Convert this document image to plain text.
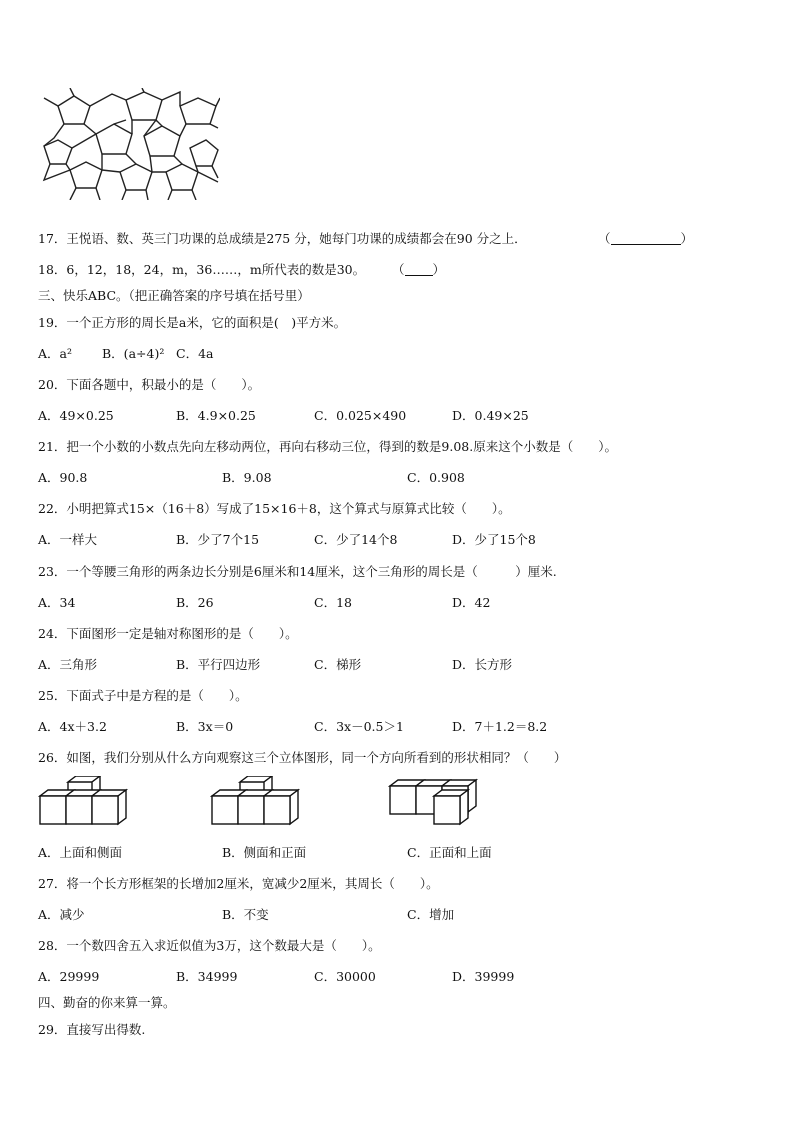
17．王悦语、数、英三门功课的总成绩是275 分，她每门功课的成绩都会在90 分之上．	（	）
18．6，12，18，24，m，36……，m所代表的数是30。 （ ）
三、快乐ABC。（把正确答案的序号填在括号里）
19．一个正方形的周长是a米，它的面积是(　)平方米。
A．a² B．(a÷4)² C．4a
20．下面各题中，积最小的是（　　）。
A．49×0.25	B．4.9×0.25	C．0.025×490	D．0.49×25
21．把一个小数的小数点先向左移动两位，再向右移动三位，得到的数是9.08.原来这个小数是（　　）。
A．90.8	B．9.08	C．0.908
22．小明把算式15×（16＋8）写成了15×16＋8，这个算式与原算式比较（　　）。
A．一样大	B．少了7个15	C．少了14个8	D．少了15个8
23．一个等腰三角形的两条边长分别是6厘米和14厘米，这个三角形的周长是（　　　）厘米.
A．34	B．26	C．18	D．42
24．下面图形一定是轴对称图形的是（　　）。
A．三角形	B．平行四边形	C．梯形	D．长方形
25．下面式子中是方程的是（　　）。
A．4x＋3.2	B．3x＝0	C．3x－0.5＞1	D．7＋1.2＝8.2
26．如图，我们分别从什么方向观察这三个立体图形，同一个方向所看到的形状相同？（　　）
A．上面和侧面	B．侧面和正面	C．正面和上面
27．将一个长方形框架的长增加2厘米，宽减少2厘米，其周长（　　）。
A．减少	B．不变	C．增加
28．一个数四舍五入求近似值为3万，这个数最大是（　　）。
A．29999	B．34999	C．30000	D．39999
四、勤奋的你来算一算。
29．直接写出得数.
